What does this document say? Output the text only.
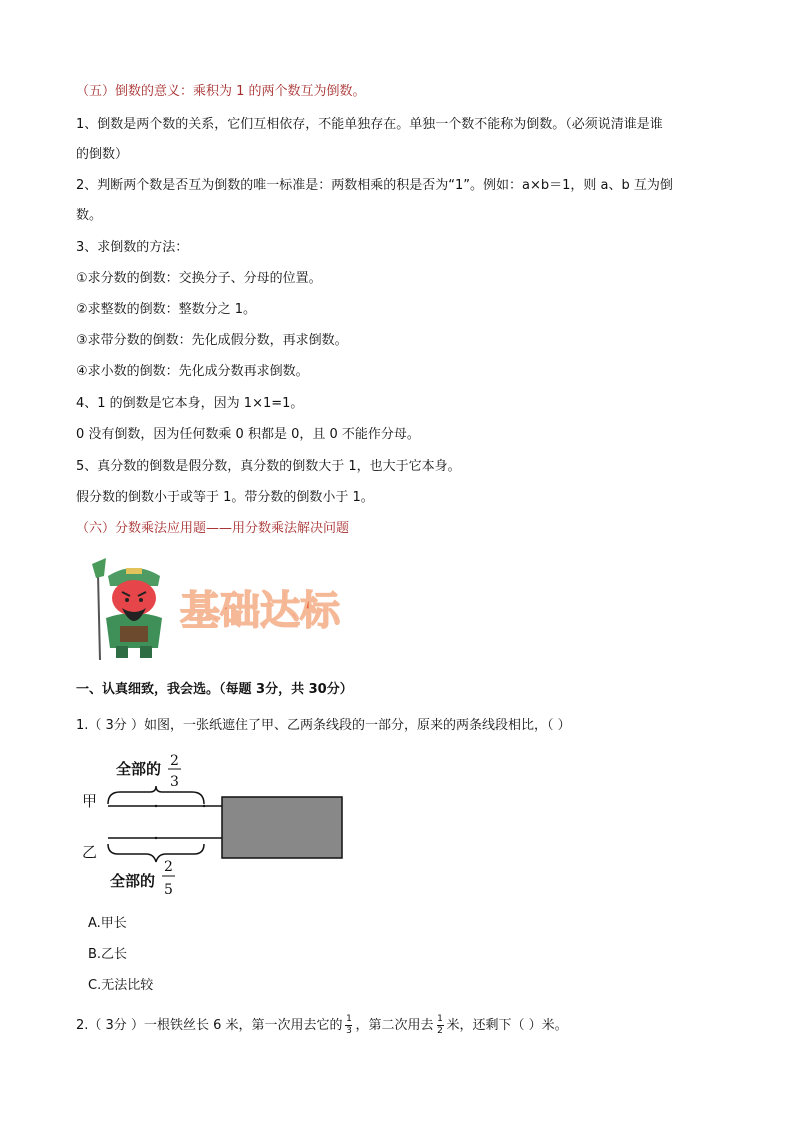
（五）倒数的意义：乘积为 1 的两个数互为倒数。
1、倒数是两个数的关系，它们互相依存，不能单独存在。单独一个数不能称为倒数。（必须说清谁是谁
的倒数）
2、判断两个数是否互为倒数的唯一标准是：两数相乘的积是否为“1”。例如：a×b＝1，则 a、b 互为倒
数。
3、求倒数的方法：
①求分数的倒数：交换分子、分母的位置。
②求整数的倒数：整数分之 1。
③求带分数的倒数：先化成假分数，再求倒数。
④求小数的倒数：先化成分数再求倒数。
4、1 的倒数是它本身，因为 1×1=1。
0 没有倒数，因为任何数乘 0 积都是 0，且 0 不能作分母。
5、真分数的倒数是假分数，真分数的倒数大于 1，也大于它本身。
假分数的倒数小于或等于 1。带分数的倒数小于 1。
（六）分数乘法应用题——用分数乘法解决问题
基础达标
一、认真细致，我会选。（每题 3分，共 30分）
1.（ 3分 ）如图，一张纸遮住了甲、乙两条线段的一部分，原来的两条线段相比，（ ）
全部的 2
3
甲
乙
全部的
2
5
A.甲长
B.乙长
C.无法比较
2.（ 3分 ）一根铁丝长 6 米，第一次用去它的 $\frac{1}{3}$ ，第二次用去 $\frac{1}{2}$ 米，还剩下（ ）米。
